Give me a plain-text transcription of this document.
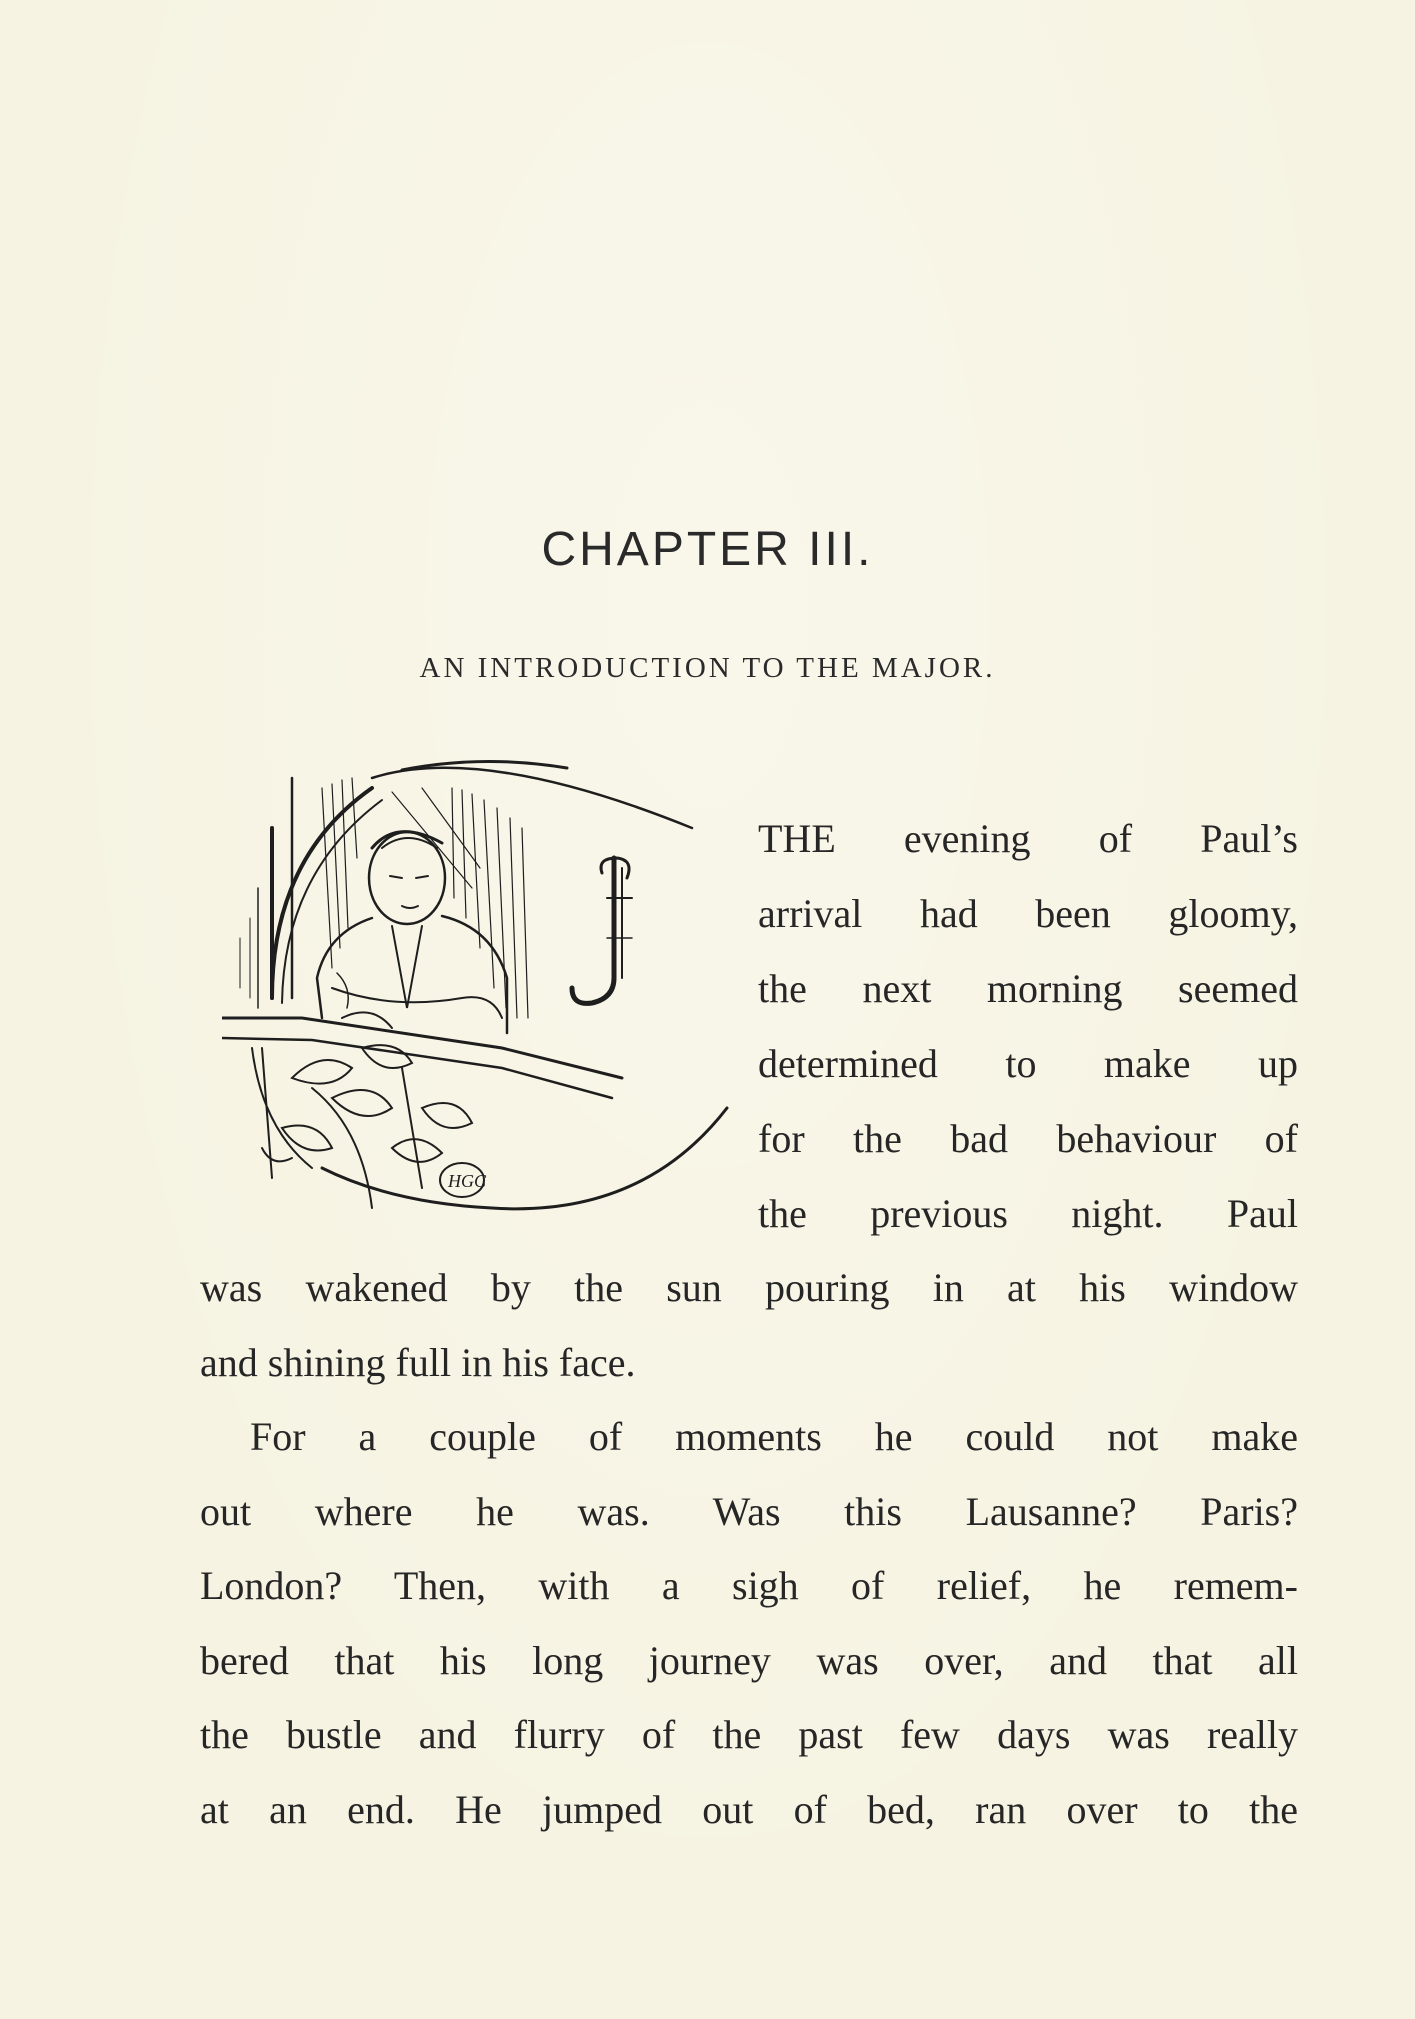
CHAPTER III.
AN INTRODUCTION TO THE MAJOR.
HGC
THE evening of Paul’s
arrival had been gloomy,
the next morning seemed
determined to make up
for the bad behaviour of
the previous night. Paul
was wakened by the sun pouring in at his window
and shining full in his face.
For a couple of moments he could not make
out where he was. Was this Lausanne? Paris?
London? Then, with a sigh of relief, he remem-
bered that his long journey was over, and that all
the bustle and flurry of the past few days was really
at an end. He jumped out of bed, ran over to the
